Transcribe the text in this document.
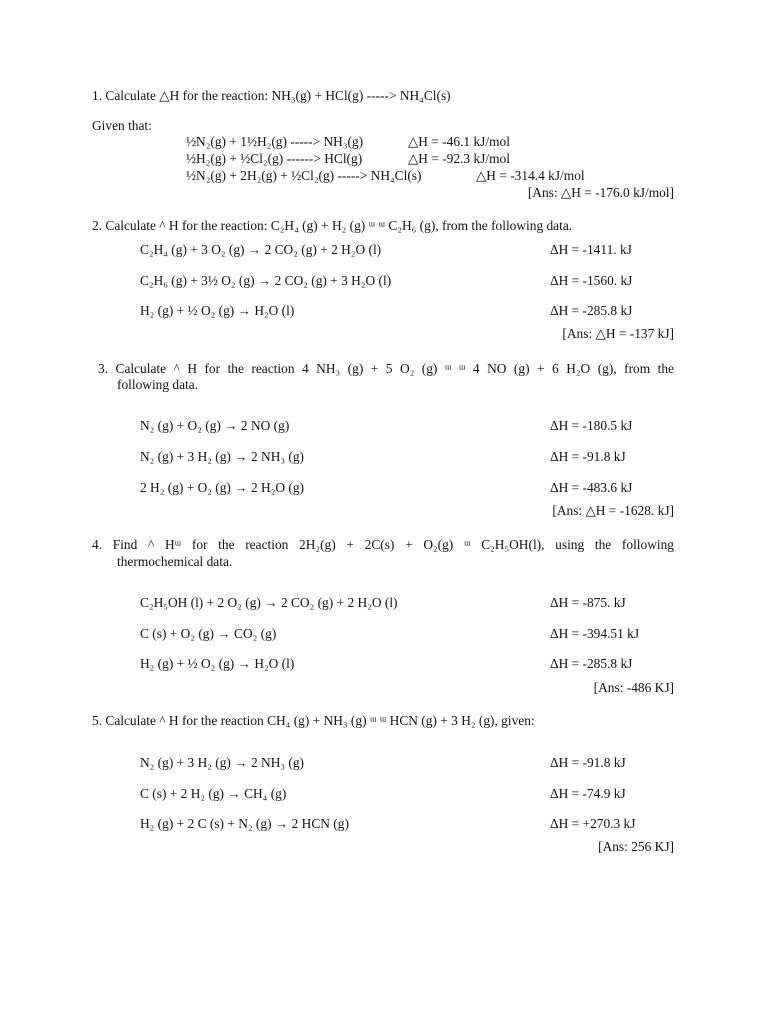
1. Calculate △H for the reaction: NH₃(g) + HCl(g) -----> NH₄Cl(s)
Given that:
½N₂(g) + 1½H₂(g) -----> NH₃(g)	△H = -46.1 kJ/mol
½H₂(g) + ½Cl₂(g) ------> HCl(g)	△H = -92.3 kJ/mol
½N₂(g) + 2H₂(g) + ½Cl₂(g) -----> NH₄Cl(s)	△H = -314.4 kJ/mol
[Ans: △H = -176.0 kJ/mol]
2. Calculate ^ H for the reaction: C₂H₄ (g) + H₂ (g) ᵚ ᵚ C₂H₆ (g), from the following data.
C₂H₄ (g) + 3 O₂ (g) → 2 CO₂ (g) + 2 H₂O (l)	ΔH = -1411. kJ
C₂H₆ (g) + 3½ O₂ (g) → 2 CO₂ (g) + 3 H₂O (l)	ΔH = -1560. kJ
H₂ (g) + ½ O₂ (g) → H₂O (l)	ΔH = -285.8 kJ
[Ans: △H = -137 kJ]
3. Calculate ^ H for the reaction 4 NH₃ (g) + 5 O₂ (g) ᵚ ᵚ 4 NO (g) + 6 H₂O (g), from the
following data.
N₂ (g) + O₂ (g) → 2 NO (g)	ΔH = -180.5 kJ
N₂ (g) + 3 H₂ (g) → 2 NH₃ (g)	ΔH = -91.8 kJ
2 H₂ (g) + O₂ (g) → 2 H₂O (g)	ΔH = -483.6 kJ
[Ans: △H = -1628. kJ]
4. Find ^ Hᵚ for the reaction 2H₂(g) + 2C(s) + O₂(g) ᵚ C₂H₅OH(l), using the following
thermochemical data.
C₂H₅OH (l) + 2 O₂ (g) → 2 CO₂ (g) + 2 H₂O (l)	ΔH = -875. kJ
C (s) + O₂ (g) → CO₂ (g)	ΔH = -394.51 kJ
H₂ (g) + ½ O₂ (g) → H₂O (l)	ΔH = -285.8 kJ
[Ans: -486 KJ]
5. Calculate ^ H for the reaction CH₄ (g) + NH₃ (g) ᵚ ᵚ HCN (g) + 3 H₂ (g), given:
N₂ (g) + 3 H₂ (g) → 2 NH₃ (g)	ΔH = -91.8 kJ
C (s) + 2 H₂ (g) → CH₄ (g)	ΔH = -74.9 kJ
H₂ (g) + 2 C (s) + N₂ (g) → 2 HCN (g)	ΔH = +270.3 kJ
[Ans: 256 KJ]
